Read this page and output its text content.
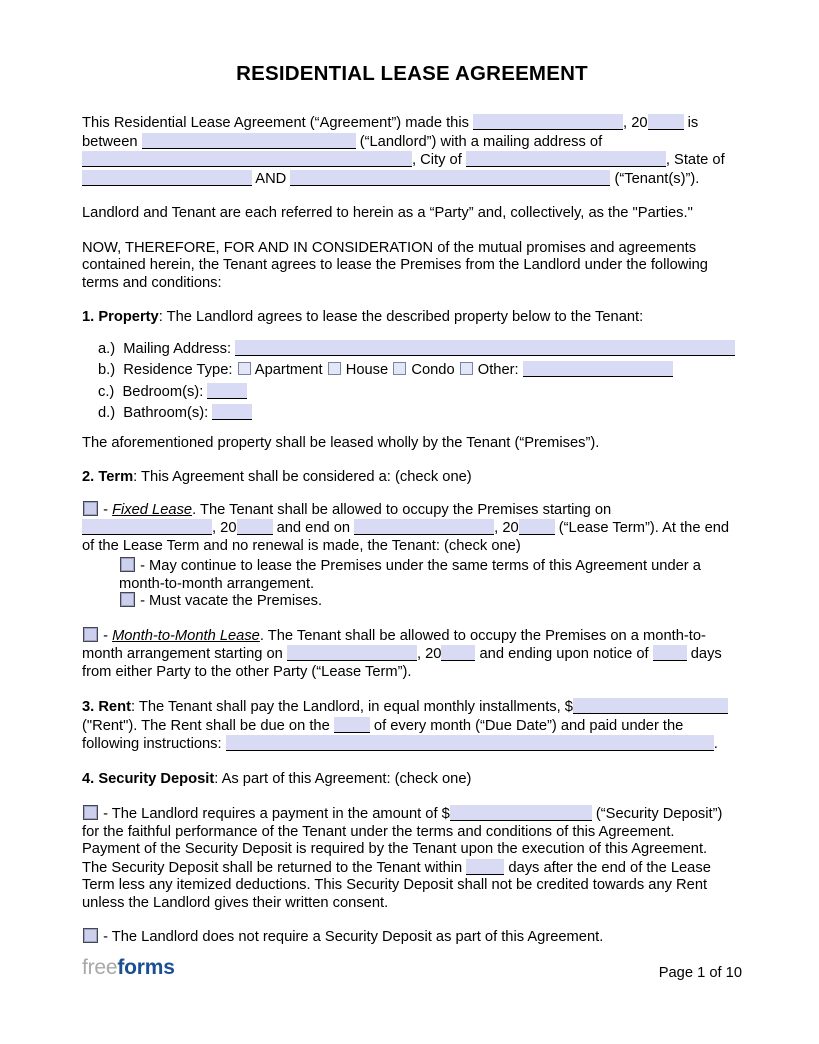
RESIDENTIAL LEASE AGREEMENT

This Residential Lease Agreement (“Agreement”) made this	, 20 is
between	(“Landlord”) with a mailing address of
, City of	, State of
AND	(“Tenant(s)”).

Landlord and Tenant are each referred to herein as a “Party” and, collectively, as the "Parties."

NOW, THEREFORE, FOR AND IN CONSIDERATION of the mutual promises and agreements
contained herein, the Tenant agrees to lease the Premises from the Landlord under the following
terms and conditions:

1. Property: The Landlord agrees to lease the described property below to the Tenant:

a.)  Mailing Address:
b.)  Residence Type:  Apartment  House  Condo  Other:
c.)  Bedroom(s):
d.)  Bathroom(s):

The aforementioned property shall be leased wholly by the Tenant (“Premises”).

2. Term: This Agreement shall be considered a: (check one)

- Fixed Lease. The Tenant shall be allowed to occupy the Premises starting on
, 20 and end on	, 20 (“Lease Term”). At the end
of the Lease Term and no renewal is made, the Tenant: (check one)

- May continue to lease the Premises under the same terms of this Agreement under a
month-to-month arrangement.
- Must vacate the Premises.

- Month-to-Month Lease. The Tenant shall be allowed to occupy the Premises on a month-to-
month arrangement starting on	, 20 and ending upon notice of  days
from either Party to the other Party (“Lease Term”).

3. Rent: The Tenant shall pay the Landlord, in equal monthly installments, $
("Rent"). The Rent shall be due on the  of every month (“Due Date”) and paid under the
following instructions:	.

4. Security Deposit: As part of this Agreement: (check one)

- The Landlord requires a payment in the amount of $	(“Security Deposit”)
for the faithful performance of the Tenant under the terms and conditions of this Agreement.
Payment of the Security Deposit is required by the Tenant upon the execution of this Agreement.
The Security Deposit shall be returned to the Tenant within	days after the end of the Lease
Term less any itemized deductions. This Security Deposit shall not be credited towards any Rent
unless the Landlord gives their written consent.

- The Landlord does not require a Security Deposit as part of this Agreement.

freeforms	Page 1 of 10
